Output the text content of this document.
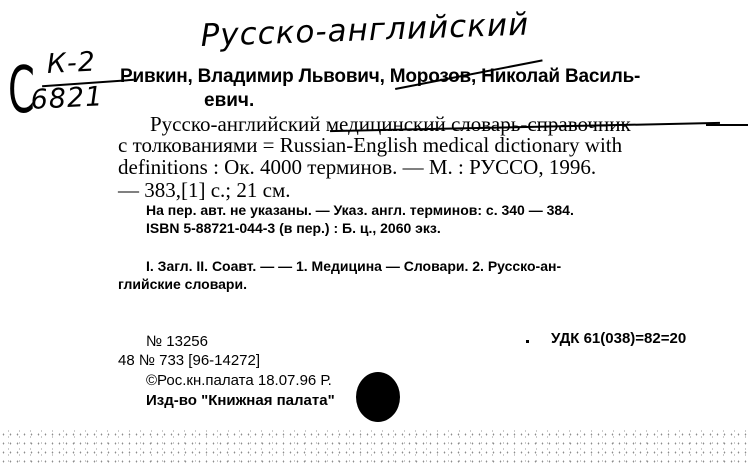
Русско-английский
С К-2
6821
Ривкин, Владимир Львович, Морозов, Николай Василь-
евич.
Русско-английский медицинский словарь-справочник
с толкованиями = Russian-English medical dictionary with
definitions : Ок. 4000 терминов. — М. : РУССО, 1996.
— 383,[1] с.; 21 см.
На пер. авт. не указаны. — Указ. англ. терминов: с. 340 — 384.
ISBN 5-88721-044-3 (в пер.) : Б. ц., 2060 экз.
I. Загл. II. Соавт. — — 1. Медицина — Словари. 2. Русско-ан-
глийские словари.
№ 13256	УДК 61(038)=82=20
48 № 733 [96-14272]
©Рос.кн.палата 18.07.96 Р.
Изд-во "Книжная палата"
